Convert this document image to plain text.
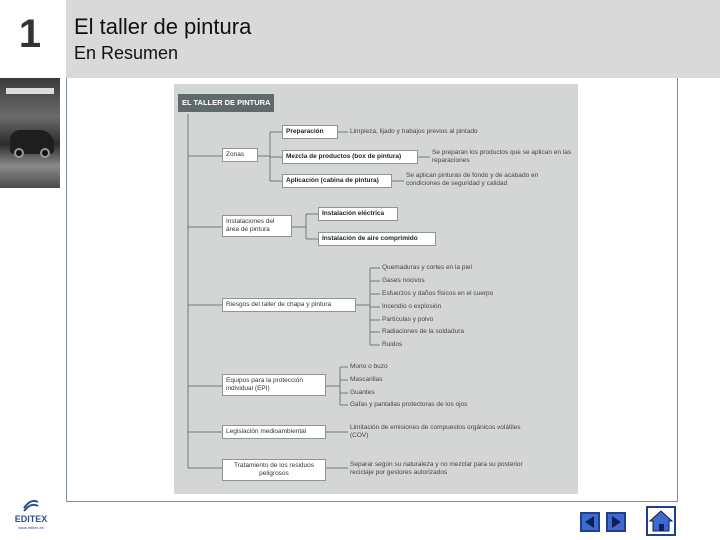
1	El taller de pintura
En Resumen
EL TALLER DE PINTURA
Zonas
Preparación	Limpieza, lijado y trabajos previos al pintado
Mezcla de productos (box de pintura)
Se preparan los productos que se aplican en las reparaciones
Aplicación (cabina de pintura)
Se aplican pinturas de fondo y de acabado en condiciones de seguridad y calidad
Instalaciones del área de pintura
Instalación eléctrica
Instalación de aire comprimido
Riesgos del taller de chapa y pintura
Quemaduras y cortes en la piel
Gases nocivos
Esfuerzos y daños físicos en el cuerpo
Incendio o explosión
Partículas y polvo
Radiaciones de la soldadura
Ruidos
Equipos para la protección individual (EPI)
Mono o buzo
Mascarillas
Guantes
Gafas y pantallas protectoras de los ojos
Legislación medioambiental
Limitación de emisiones de compuestos orgánicos volátiles (COV)
Tratamiento de los residuos peligrosos
Separar según su naturaleza y no mezclar para su posterior reciclaje por gestores autorizados
EDITEX
www.editex.es
